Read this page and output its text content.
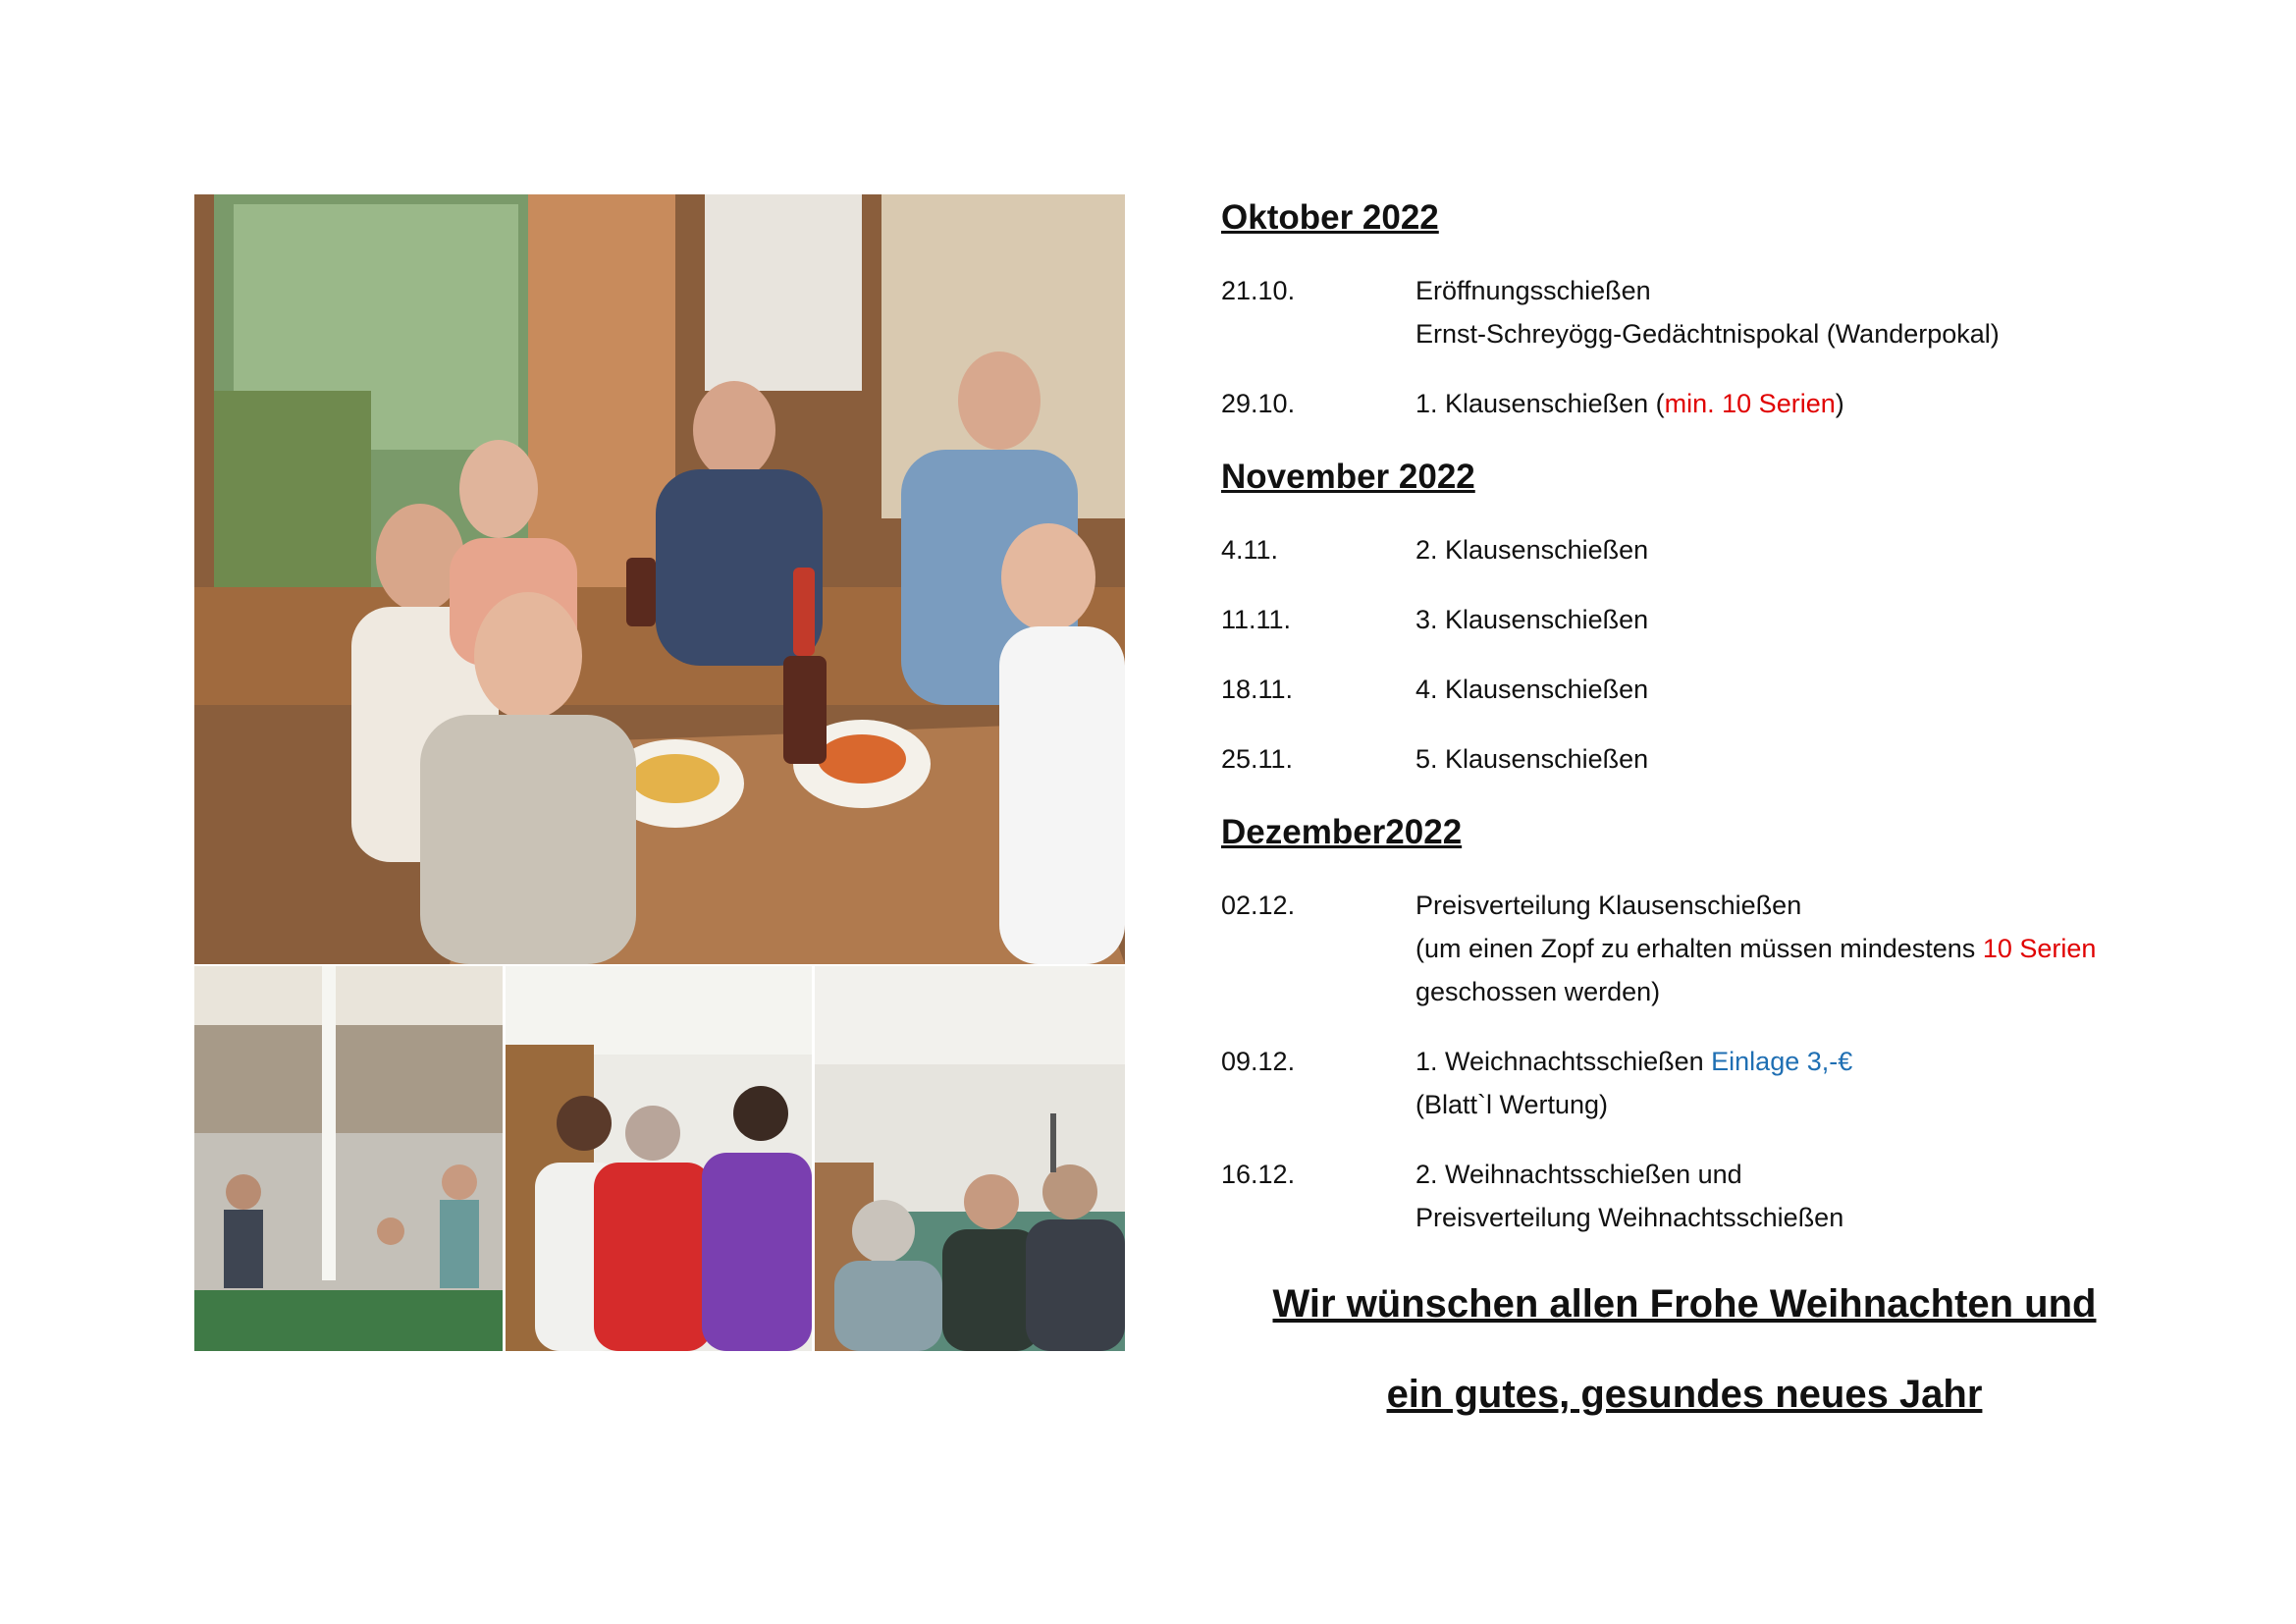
Oktober 2022
21.10.	Eröffnungsschießen
Ernst-Schreyögg-Gedächtnispokal (Wanderpokal)
29.10.	1. Klausenschießen (min. 10 Serien)
November 2022
4.11.	2. Klausenschießen
11.11.	3. Klausenschießen
18.11.	4. Klausenschießen
25.11.	5. Klausenschießen
Dezember2022
02.12.	Preisverteilung Klausenschießen
(um einen Zopf zu erhalten müssen mindestens 10 Serien
geschossen werden)
09.12.	1. Weichnachtsschießen Einlage 3,-€
(Blatt`l Wertung)
16.12.	2. Weihnachtsschießen und
Preisverteilung Weihnachtsschießen
Wir wünschen allen Frohe Weihnachten und
ein gutes, gesundes neues Jahr
